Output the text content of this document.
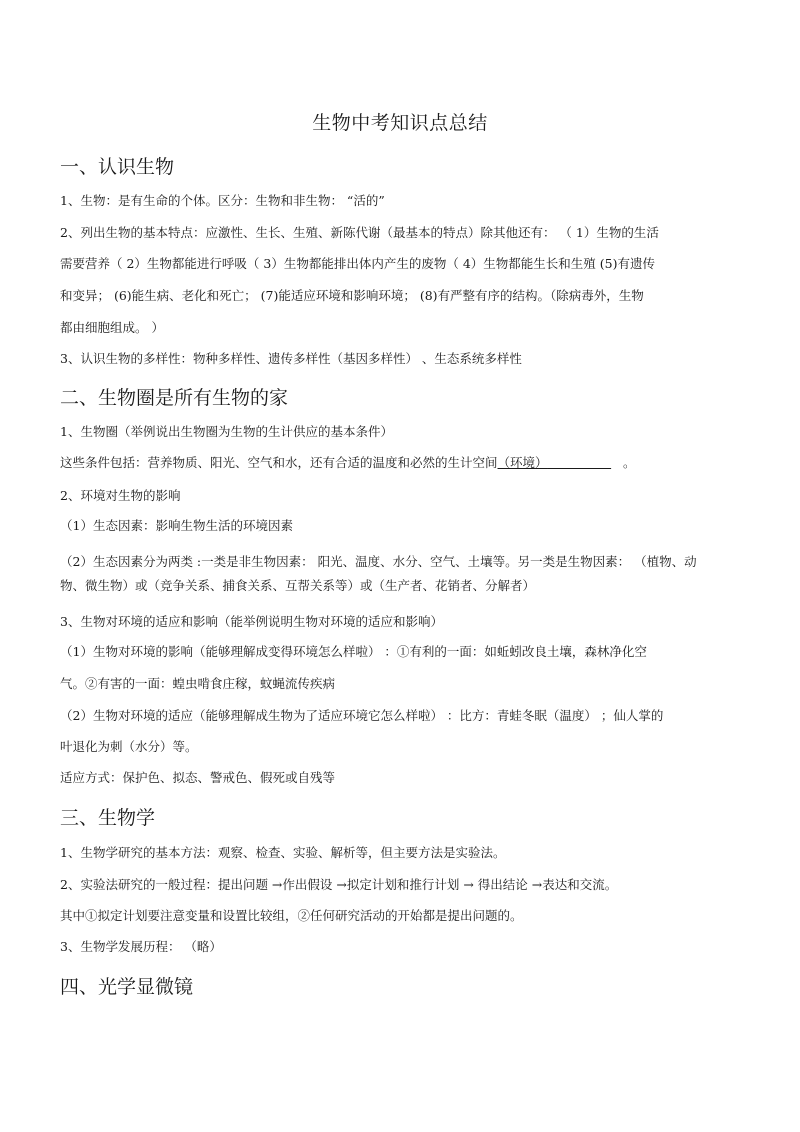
生物中考知识点总结
一、认识生物
1、生物：是有生命的个体。区分：生物和非生物： “活的”
2、列出生物的基本特点：应激性、生长、生殖、新陈代谢（最基本的特点）除其他还有： （ 1）生物的生活
需要营养（ 2）生物都能进行呼吸（ 3）生物都能排出体内产生的废物（ 4）生物都能生长和生殖 (5)有遗传
和变异； (6)能生病、老化和死亡； (7)能适应环境和影响环境； (8)有严整有序的结构。（除病毒外，生物
都由细胞组成。 ）
3、认识生物的多样性：物种多样性、遗传多样性（基因多样性） 、生态系统多样性
二、生物圈是所有生物的家
1、生物圈（举例说出生物圈为生物的生计供应的基本条件）
这些条件包括：营养物质、阳光、空气和水，还有合适的温度和必然的生计空间（环境）	。
2、环境对生物的影响
（1）生态因素：影响生物生活的环境因素
（2）生态因素分为两类 :一类是非生物因素： 阳光、温度、水分、空气、土壤等。另一类是生物因素： （植物、动
物、微生物）或（竞争关系、捕食关系、互帮关系等）或（生产者、花销者、分解者）
3、生物对环境的适应和影响（能举例说明生物对环境的适应和影响）
（1）生物对环境的影响（能够理解成变得环境怎么样啦） ：①有利的一面：如蚯蚓改良土壤，森林净化空
气。②有害的一面：蝗虫啃食庄稼，蚊蝇流传疾病
（2）生物对环境的适应（能够理解成生物为了适应环境它怎么样啦） ：比方：青蛙冬眠（温度） ；仙人掌的
叶退化为刺（水分）等。
适应方式：保护色、拟态、警戒色、假死或自残等
三、生物学
1、生物学研究的基本方法：观察、检查、实验、解析等，但主要方法是实验法。
2、实验法研究的一般过程：提出问题 →作出假设 →拟定计划和推行计划 → 得出结论 →表达和交流。
其中①拟定计划要注意变量和设置比较组，②任何研究活动的开始都是提出问题的。
3、生物学发展历程： （略）
四、光学显微镜
